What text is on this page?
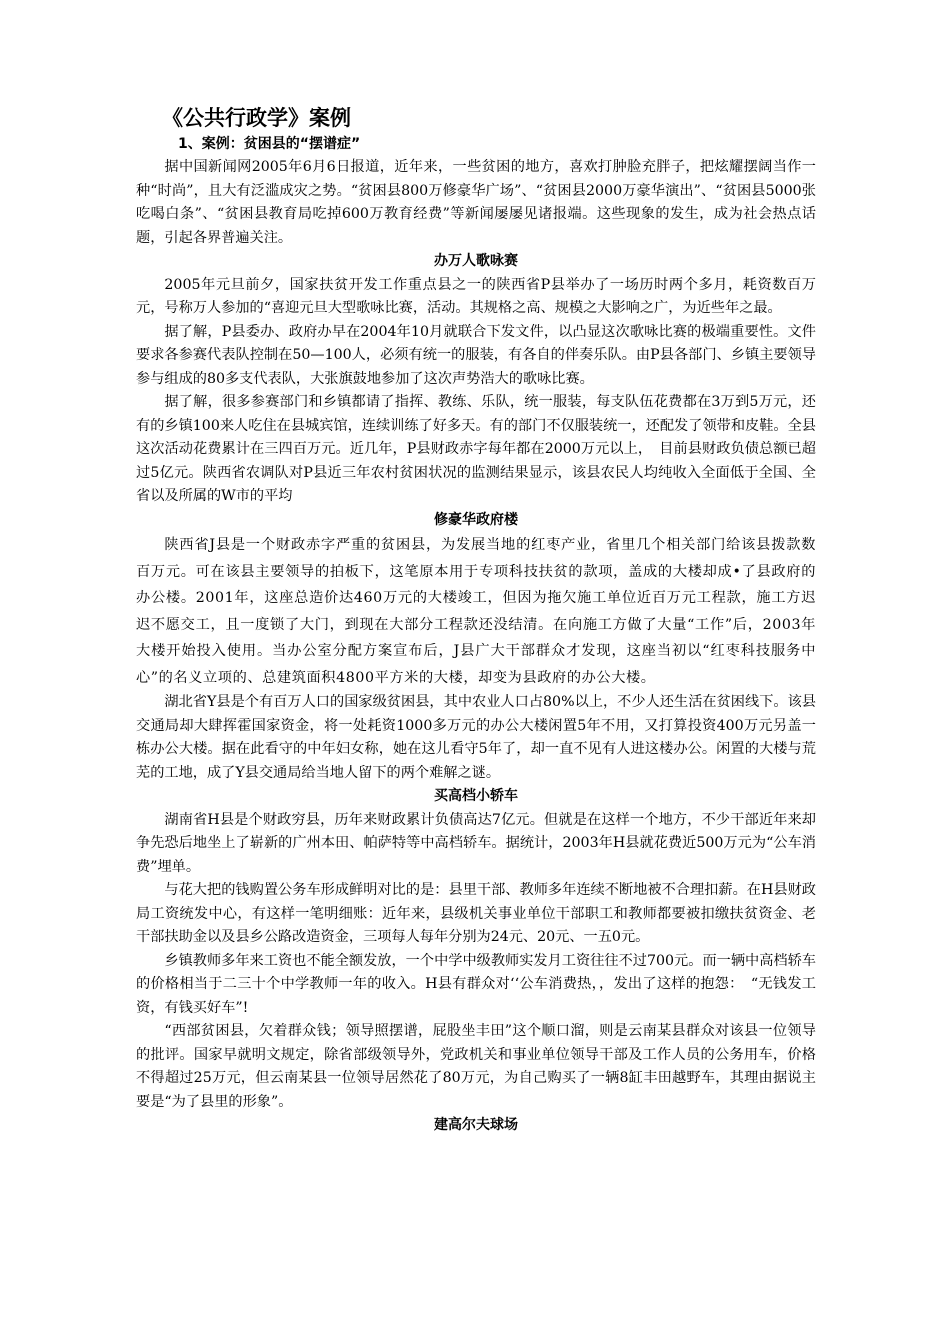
《公共行政学》案例
1、案例：贫困县的“摆谱症”

据中国新闻网2005年6月6日报道，近年来，一些贫困的地方，喜欢打肿脸充胖子，把炫耀摆阔当作一种“时尚”，且大有泛滥成灾之势。“贫困县800万修豪华广场”、“贫困县2000万豪华演出”、“贫困县5000张吃喝白条”、“贫困县教育局吃掉600万教育经费”等新闻屡屡见诸报端。这些现象的发生，成为社会热点话题，引起各界普遍关注。

办万人歌咏赛

2005年元旦前夕，国家扶贫开发工作重点县之一的陕西省P县举办了一场历时两个多月，耗资数百万元，号称万人参加的“喜迎元旦大型歌咏比赛，活动。其规格之高、规模之大影响之广，为近些年之最。

据了解，P县委办、政府办早在2004年10月就联合下发文件，以凸显这次歌咏比赛的极端重要性。文件要求各参赛代表队控制在50—100人，必须有统一的服装，有各自的伴奏乐队。由P县各部门、乡镇主要领导参与组成的80多支代表队，大张旗鼓地参加了这次声势浩大的歌咏比赛。

据了解，很多参赛部门和乡镇都请了指挥、教练、乐队，统一服装，每支队伍花费都在3万到5万元，还有的乡镇100来人吃住在县城宾馆，连续训练了好多天。有的部门不仅服装统一，还配发了领带和皮鞋。全县这次活动花费累计在三四百万元。近几年，P县财政赤字每年都在2000万元以上，　目前县财政负债总额已超过5亿元。陕西省农调队对P县近三年农村贫困状况的监测结果显示，该县农民人均纯收入全面低于全国、全省以及所属的W市的平均

修豪华政府楼

陕西省J县是一个财政赤字严重的贫困县，为发展当地的红枣产业，省里几个相关部门给该县拨款数百万元。可在该县主要领导的拍板下，这笔原本用于专项科技扶贫的款项，盖成的大楼却成•了县政府的办公楼。2001年，这座总造价达460万元的大楼竣工，但因为拖欠施工单位近百万元工程款，施工方迟迟不愿交工，且一度锁了大门，到现在大部分工程款还没结清。在向施工方做了大量“工作”后，2003年大楼开始投入使用。当办公室分配方案宣布后，J县广大干部群众才发现，这座当初以“红枣科技服务中心”的名义立项的、总建筑面积4800平方米的大楼，却变为县政府的办公大楼。

湖北省Y县是个有百万人口的国家级贫困县，其中农业人口占80%以上，不少人还生活在贫困线下。该县交通局却大肆挥霍国家资金，将一处耗资1000多万元的办公大楼闲置5年不用，又打算投资400万元另盖一栋办公大楼。据在此看守的中年妇女称，她在这儿看守5年了，却一直不见有人进这楼办公。闲置的大楼与荒芜的工地，成了Y县交通局给当地人留下的两个难解之谜。

买高档小轿车

湖南省H县是个财政穷县，历年来财政累计负债高达7亿元。但就是在这样一个地方，不少干部近年来却争先恐后地坐上了崭新的广州本田、帕萨特等中高档轿车。据统计，2003年H县就花费近500万元为“公车消费”埋单。

与花大把的钱购置公务车形成鲜明对比的是：县里干部、教师多年连续不断地被不合理扣薪。在H县财政局工资统发中心，有这样一笔明细账：近年来，县级机关事业单位干部职工和教师都要被扣缴扶贫资金、老干部扶助金以及县乡公路改造资金，三项每人每年分别为24元、20元、一五0元。

乡镇教师多年来工资也不能全额发放，一个中学中级教师实发月工资往往不过700元。而一辆中高档轿车的价格相当于二三十个中学教师一年的收入。H县有群众对‘‘公车消费热，，发出了这样的抱怨：　“无钱发工资，有钱买好车”!

“西部贫困县，欠着群众钱；领导照摆谱，屁股坐丰田”这个顺口溜，则是云南某县群众对该县一位领导的批评。国家早就明文规定，除省部级领导外，党政机关和事业单位领导干部及工作人员的公务用车，价格不得超过25万元，但云南某县一位领导居然花了80万元，为自己购买了一辆8缸丰田越野车，其理由据说主要是“为了县里的形象”。

建高尔夫球场
